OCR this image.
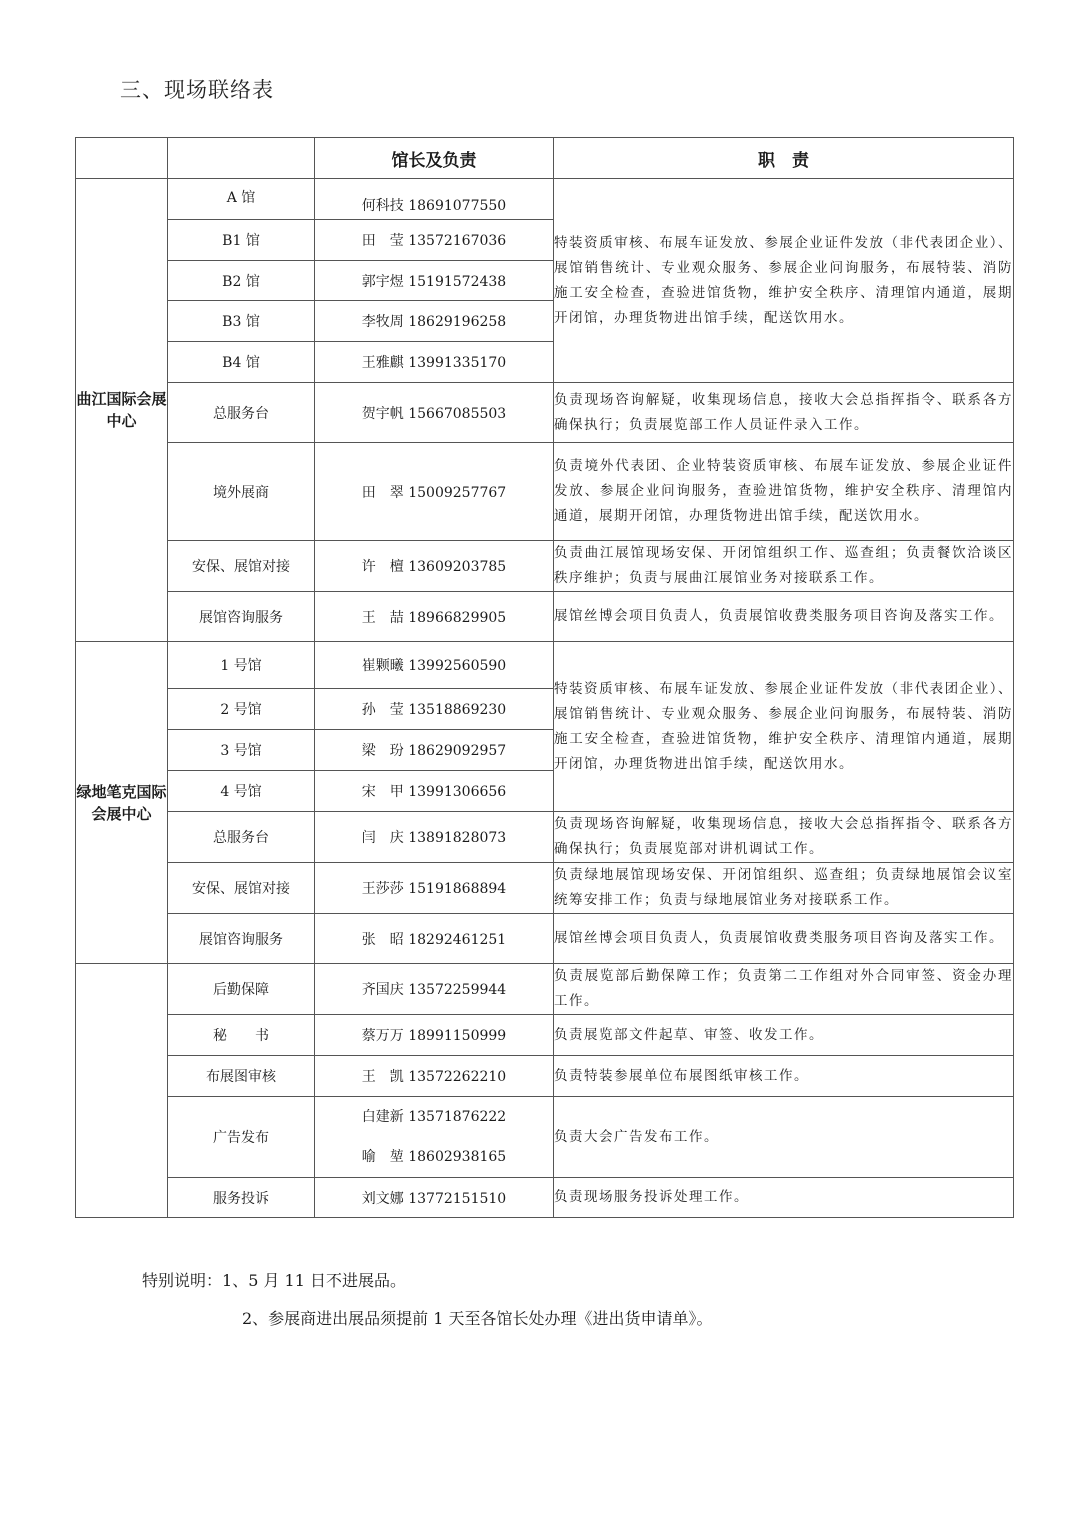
三、现场联络表
		馆长及负责	职　责
曲江国际会展中心	A 馆	何科技 18691077550	特装资质审核、布展车证发放、参展企业证件发放（非代表团企业）、展馆销售统计、专业观众服务、参展企业问询服务，布展特装、消防施工安全检查，查验进馆货物，维护安全秩序、清理馆内通道，展期开闭馆，办理货物进出馆手续，配送饮用水。
	B1 馆	田　莹 13572167036	
	B2 馆	郭宇煜 15191572438	
	B3 馆	李牧周 18629196258	
	B4 馆	王雅麒 13991335170	
	总服务台	贺宇帆 15667085503	负责现场咨询解疑，收集现场信息，接收大会总指挥指令、联系各方确保执行；负责展览部工作人员证件录入工作。
	境外展商	田　翠 15009257767	负责境外代表团、企业特装资质审核、布展车证发放、参展企业证件发放、参展企业问询服务，查验进馆货物，维护安全秩序、清理馆内通道，展期开闭馆，办理货物进出馆手续，配送饮用水。
	安保、展馆对接	许　檀 13609203785	负责曲江展馆现场安保、开闭馆组织工作、巡查组；负责餐饮洽谈区秩序维护；负责与展曲江展馆业务对接联系工作。
	展馆咨询服务	王　喆 18966829905	展馆丝博会项目负责人，负责展馆收费类服务项目咨询及落实工作。
绿地笔克国际会展中心	1 号馆	崔颗曦 13992560590	特装资质审核、布展车证发放、参展企业证件发放（非代表团企业）、展馆销售统计、专业观众服务、参展企业问询服务，布展特装、消防施工安全检查，查验进馆货物，维护安全秩序、清理馆内通道，展期开闭馆，办理货物进出馆手续，配送饮用水。
	2 号馆	孙　莹 13518869230	
	3 号馆	梁　玢 18629092957	
	4 号馆	宋　甲 13991306656	
	总服务台	闫　庆 13891828073	负责现场咨询解疑，收集现场信息，接收大会总指挥指令、联系各方确保执行；负责展览部对讲机调试工作。
	安保、展馆对接	王莎莎 15191868894	负责绿地展馆现场安保、开闭馆组织、巡查组；负责绿地展馆会议室统筹安排工作；负责与绿地展馆业务对接联系工作。
	展馆咨询服务	张　昭 18292461251	展馆丝博会项目负责人，负责展馆收费类服务项目咨询及落实工作。
	后勤保障	齐国庆 13572259944	负责展览部后勤保障工作；负责第二工作组对外合同审签、资金办理工作。
	秘　　书	蔡万万 18991150999	负责展览部文件起草、审签、收发工作。
	布展图审核	王　凯 13572262210	负责特装参展单位布展图纸审核工作。
	广告发布	白建新 13571876222
喻　堃 18602938165	负责大会广告发布工作。
	服务投诉	刘文娜 13772151510	负责现场服务投诉处理工作。
特别说明：1、5 月 11 日不进展品。
2、参展商进出展品须提前 1 天至各馆长处办理《进出货申请单》。
